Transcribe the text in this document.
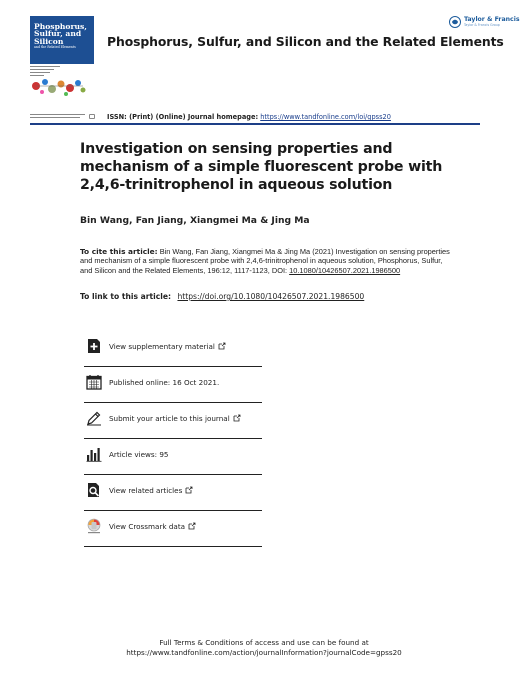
Phosphorus, Sulfur, and Silicon
and the Related Elements	Phosphorus, Sulfur, and Silicon and the Related Elements
Taylor & Francis
Taylor & Francis Group
ISSN: (Print) (Online) Journal homepage: https://www.tandfonline.com/loi/gpss20
Investigation on sensing properties and mechanism of a simple fluorescent probe with 2,4,6-trinitrophenol in aqueous solution
Bin Wang, Fan Jiang, Xiangmei Ma & Jing Ma
To cite this article: Bin Wang, Fan Jiang, Xiangmei Ma & Jing Ma (2021) Investigation on sensing properties and mechanism of a simple fluorescent probe with 2,4,6-trinitrophenol in aqueous solution, Phosphorus, Sulfur, and Silicon and the Related Elements, 196:12, 1117-1123, DOI: 10.1080/10426507.2021.1986500
To link to this article: https://doi.org/10.1080/10426507.2021.1986500
View supplementary material
Published online: 16 Oct 2021.
Submit your article to this journal
Article views: 95
View related articles
View Crossmark data
Full Terms & Conditions of access and use can be found at
https://www.tandfonline.com/action/journalInformation?journalCode=gpss20
